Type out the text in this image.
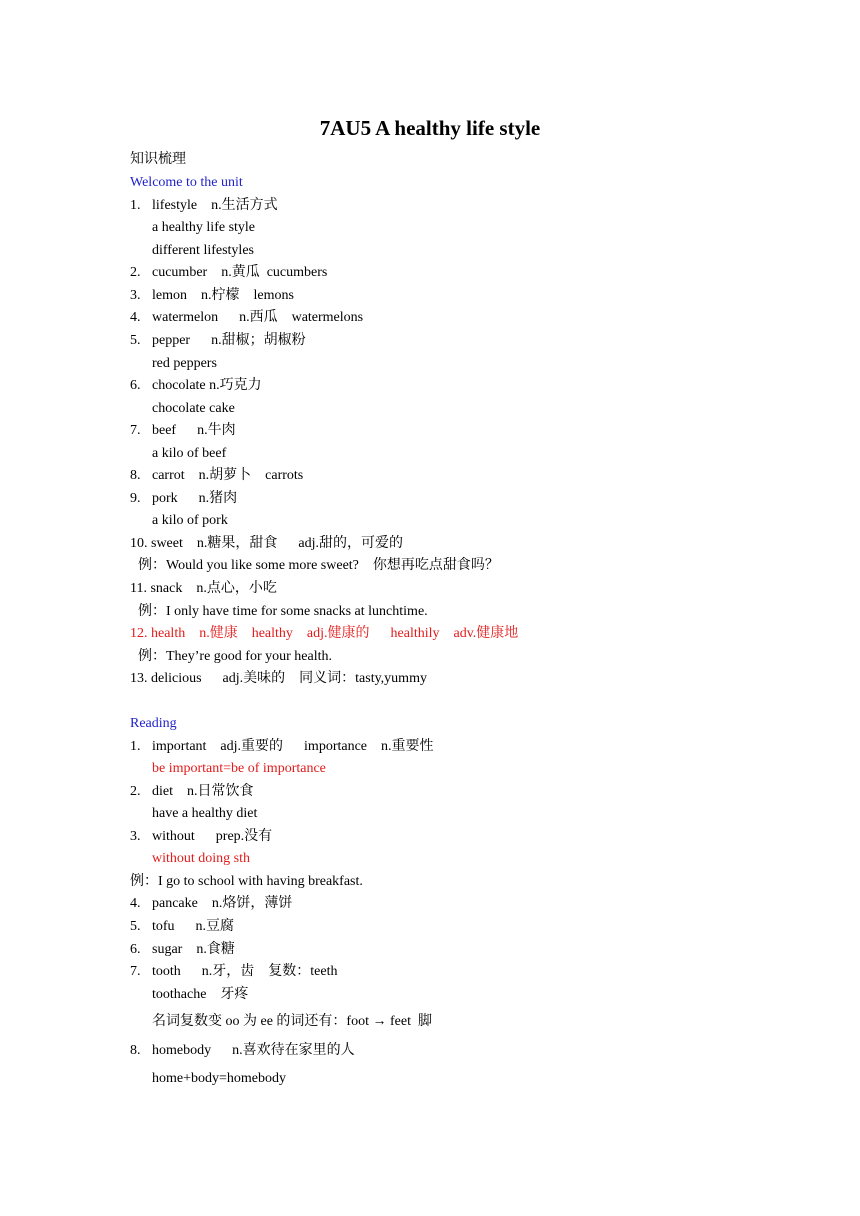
7AU5 A healthy life style
知识梳理
Welcome to the unit
1. lifestyle    n.生活方式
a healthy life style
different lifestyles
2. cucumber    n.黄瓜  cucumbers
3. lemon    n.柠檬    lemons
4. watermelon      n.西瓜    watermelons
5. pepper      n.甜椒；胡椒粉
red peppers
6. chocolate n.巧克力
chocolate cake
7. beef      n.牛肉
a kilo of beef
8. carrot    n.胡萝卜    carrots
9. pork      n.猪肉
a kilo of pork
10. sweet    n.糖果，甜食      adj.甜的，可爱的
例：Would you like some more sweet?    你想再吃点甜食吗？
11. snack    n.点心，小吃
例：I only have time for some snacks at lunchtime.
12. health    n.健康    healthy    adj.健康的      healthily    adv.健康地
例：They’re good for your health.
13. delicious      adj.美味的    同义词：tasty,yummy
Reading
1. important    adj.重要的      importance    n.重要性
be important=be of importance
2. diet    n.日常饮食
have a healthy diet
3. without      prep.没有
without doing sth
例：I go to school with having breakfast.
4. pancake    n.烙饼，薄饼
5. tofu      n.豆腐
6. sugar    n.食糖
7. tooth      n.牙，齿    复数：teeth
toothache    牙疼
名词复数变 oo 为 ee 的词还有：foot → feet  脚
8. homebody      n.喜欢待在家里的人
home+body=homebody
